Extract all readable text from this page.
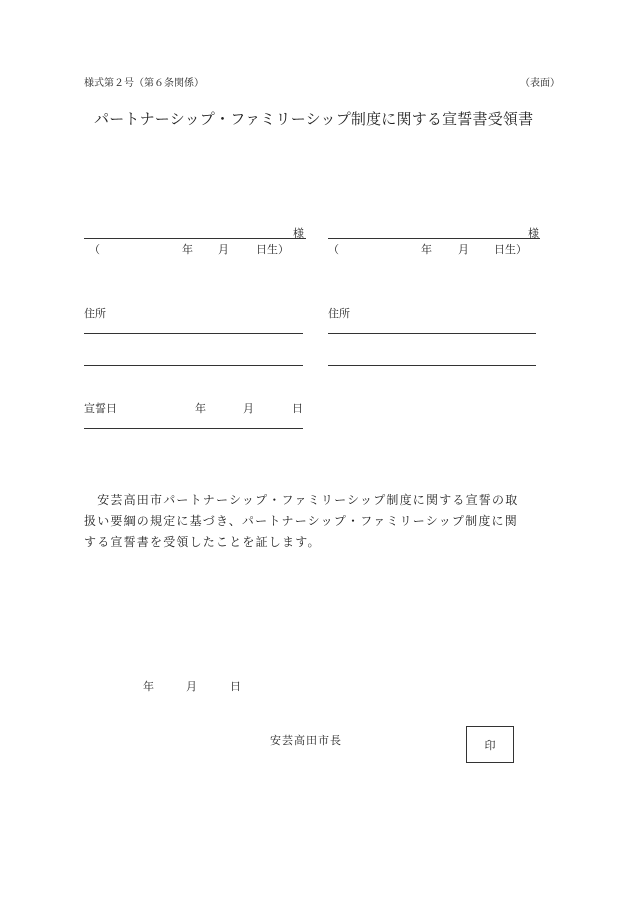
様式第２号（第６条関係）	（表面）
パートナーシップ・ファミリーシップ制度に関する宣誓書受領書
様
（	年 月 日生）
様
（	年 月 日生）
住所	住所
宣誓日	年	月	日

　安芸高田市パートナーシップ・ファミリーシップ制度に関する宣誓の取

扱い要綱の規定に基づき、パートナーシップ・ファミリーシップ制度に関

する宣誓書を受領したことを証します。

年	月	日
安芸高田市長	印
